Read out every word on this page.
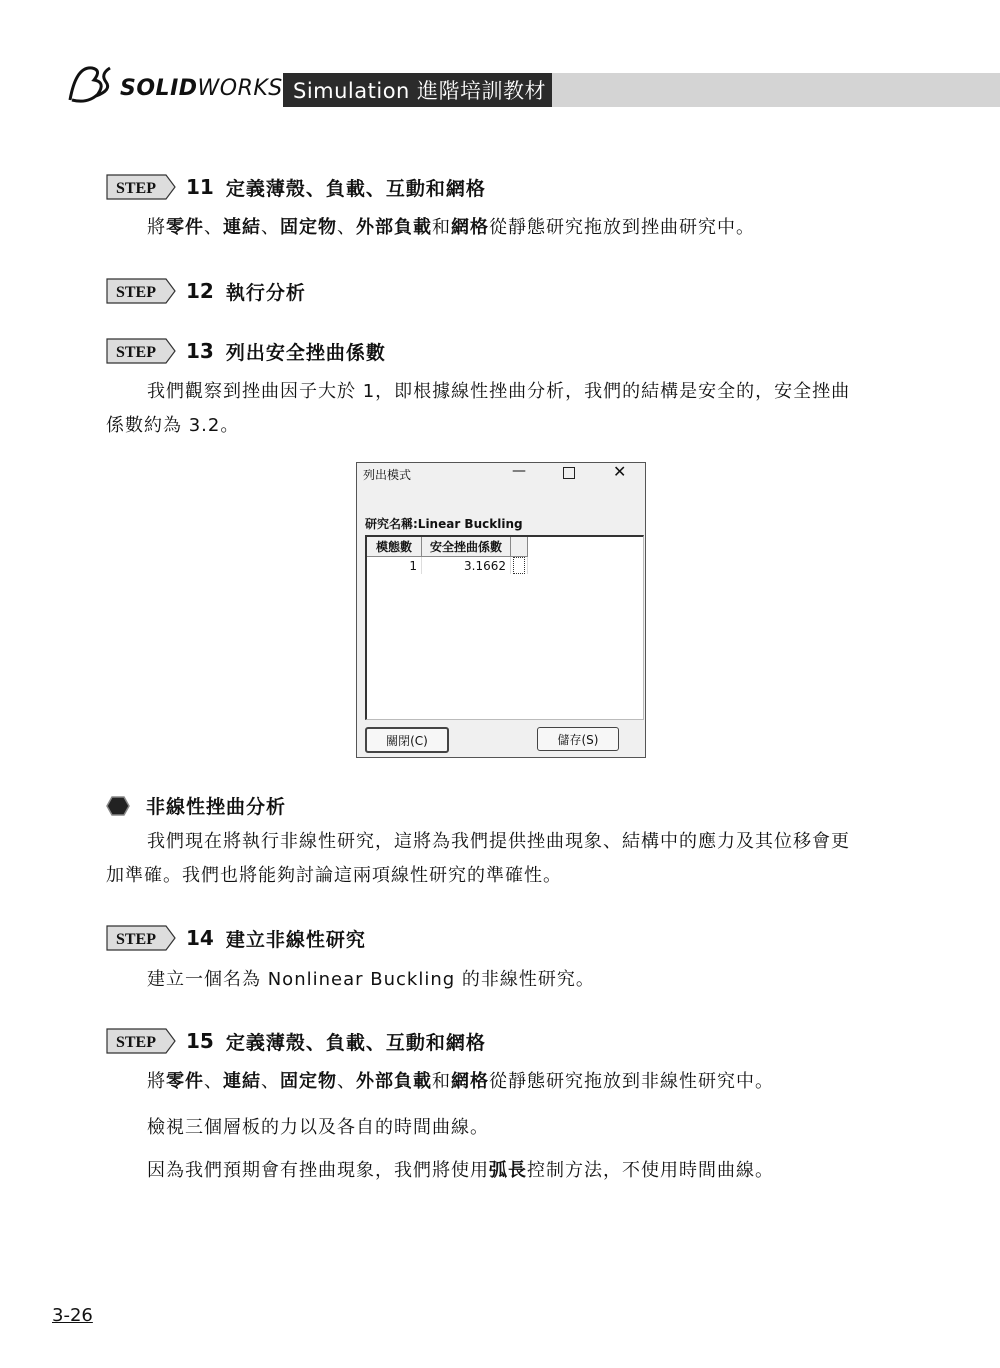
SOLIDWORKS Simulation 進階培訓教材
STEP 11 定義薄殼、負載、互動和網格
將零件、連結、固定物、外部負載和網格從靜態研究拖放到挫曲研究中。
STEP 12 執行分析
STEP 13 列出安全挫曲係數
我們觀察到挫曲因子大於 1，即根據線性挫曲分析，我們的結構是安全的，安全挫曲
係數約為 3.2。
列出模式	—	✕
研究名稱:Linear Buckling
模態數	安全挫曲係數	
1	3.1662	
關閉(C)	儲存(S)
非線性挫曲分析
我們現在將執行非線性研究，這將為我們提供挫曲現象、結構中的應力及其位移會更
加準確。我們也將能夠討論這兩項線性研究的準確性。
STEP 14 建立非線性研究
建立一個名為 Nonlinear Buckling 的非線性研究。
STEP 15 定義薄殼、負載、互動和網格
將零件、連結、固定物、外部負載和網格從靜態研究拖放到非線性研究中。
檢視三個層板的力以及各自的時間曲線。
因為我們預期會有挫曲現象，我們將使用弧長控制方法，不使用時間曲線。
3-26
